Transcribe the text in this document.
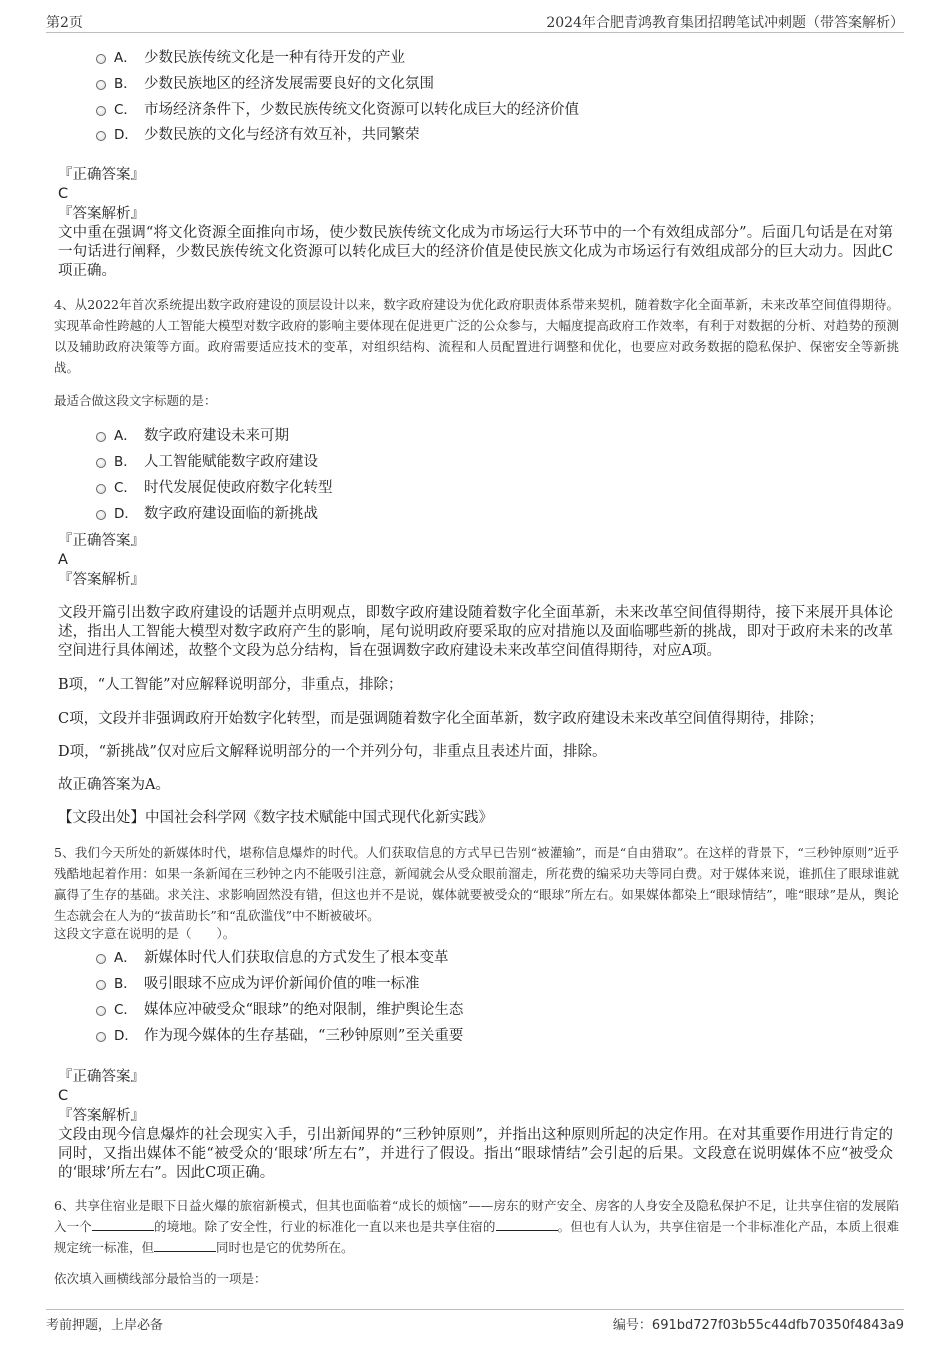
第2页	2024年合肥青鸿教育集团招聘笔试冲刺题（带答案解析）
A． 少数民族传统文化是一种有待开发的产业
B． 少数民族地区的经济发展需要良好的文化氛围
C． 市场经济条件下，少数民族传统文化资源可以转化成巨大的经济价值
D． 少数民族的文化与经济有效互补，共同繁荣
『正确答案』
C
『答案解析』
文中重在强调“将文化资源全面推向市场，使少数民族传统文化成为市场运行大环节中的一个有效组成部分”。后面几句话是在对第一句话进行阐释，少数民族传统文化资源可以转化成巨大的经济价值是使民族文化成为市场运行有效组成部分的巨大动力。因此C项正确。
4、从2022年首次系统提出数字政府建设的顶层设计以来，数字政府建设为优化政府职责体系带来契机，随着数字化全面革新，未来改革空间值得期待。实现革命性跨越的人工智能大模型对数字政府的影响主要体现在促进更广泛的公众参与，大幅度提高政府工作效率，有利于对数据的分析、对趋势的预测以及辅助政府决策等方面。政府需要适应技术的变革，对组织结构、流程和人员配置进行调整和优化，也要应对政务数据的隐私保护、保密安全等新挑战。
最适合做这段文字标题的是：
A． 数字政府建设未来可期
B． 人工智能赋能数字政府建设
C． 时代发展促使政府数字化转型
D． 数字政府建设面临的新挑战
『正确答案』
A
『答案解析』
文段开篇引出数字政府建设的话题并点明观点，即数字政府建设随着数字化全面革新，未来改革空间值得期待，接下来展开具体论述，指出人工智能大模型对数字政府产生的影响，尾句说明政府要采取的应对措施以及面临哪些新的挑战，即对于政府未来的改革空间进行具体阐述，故整个文段为总分结构，旨在强调数字政府建设未来改革空间值得期待，对应A项。
B项，“人工智能”对应解释说明部分，非重点，排除；
C项，文段并非强调政府开始数字化转型，而是强调随着数字化全面革新，数字政府建设未来改革空间值得期待，排除；
D项，“新挑战”仅对应后文解释说明部分的一个并列分句，非重点且表述片面，排除。
故正确答案为A。
【文段出处】中国社会科学网《数字技术赋能中国式现代化新实践》
5、我们今天所处的新媒体时代，堪称信息爆炸的时代。人们获取信息的方式早已告别“被灌输”，而是“自由猎取”。在这样的背景下，“三秒钟原则”近乎残酷地起着作用：如果一条新闻在三秒钟之内不能吸引注意，新闻就会从受众眼前溜走，所花费的编采功夫等同白费。对于媒体来说，谁抓住了眼球谁就赢得了生存的基础。求关注、求影响固然没有错，但这也并不是说，媒体就要被受众的“眼球”所左右。如果媒体都染上“眼球情结”，唯“眼球”是从，舆论生态就会在人为的“拔苗助长”和“乱砍滥伐”中不断被破坏。
这段文字意在说明的是（　　）。
A． 新媒体时代人们获取信息的方式发生了根本变革
B． 吸引眼球不应成为评价新闻价值的唯一标准
C． 媒体应冲破受众“眼球”的绝对限制，维护舆论生态
D． 作为现今媒体的生存基础，“三秒钟原则”至关重要
『正确答案』
C
『答案解析』
文段由现今信息爆炸的社会现实入手，引出新闻界的“三秒钟原则”，并指出这种原则所起的决定作用。在对其重要作用进行肯定的同时，又指出媒体不能“被受众的‘眼球’所左右”，并进行了假设。指出“眼球情结”会引起的后果。文段意在说明媒体不应“被受众的‘眼球’所左右”。因此C项正确。
6、共享住宿业是眼下日益火爆的旅宿新模式，但其也面临着“成长的烦恼”——房东的财产安全、房客的人身安全及隐私保护不足，让共享住宿的发展陷入一个	的境地。除了安全性，行业的标准化一直以来也是共享住宿的	。但也有人认为，共享住宿是一个非标准化产品，本质上很难规定统一标准，但	同时也是它的优势所在。
依次填入画横线部分最恰当的一项是：
考前押题，上岸必备	编号：691bd727f03b55c44dfb70350f4843a9
